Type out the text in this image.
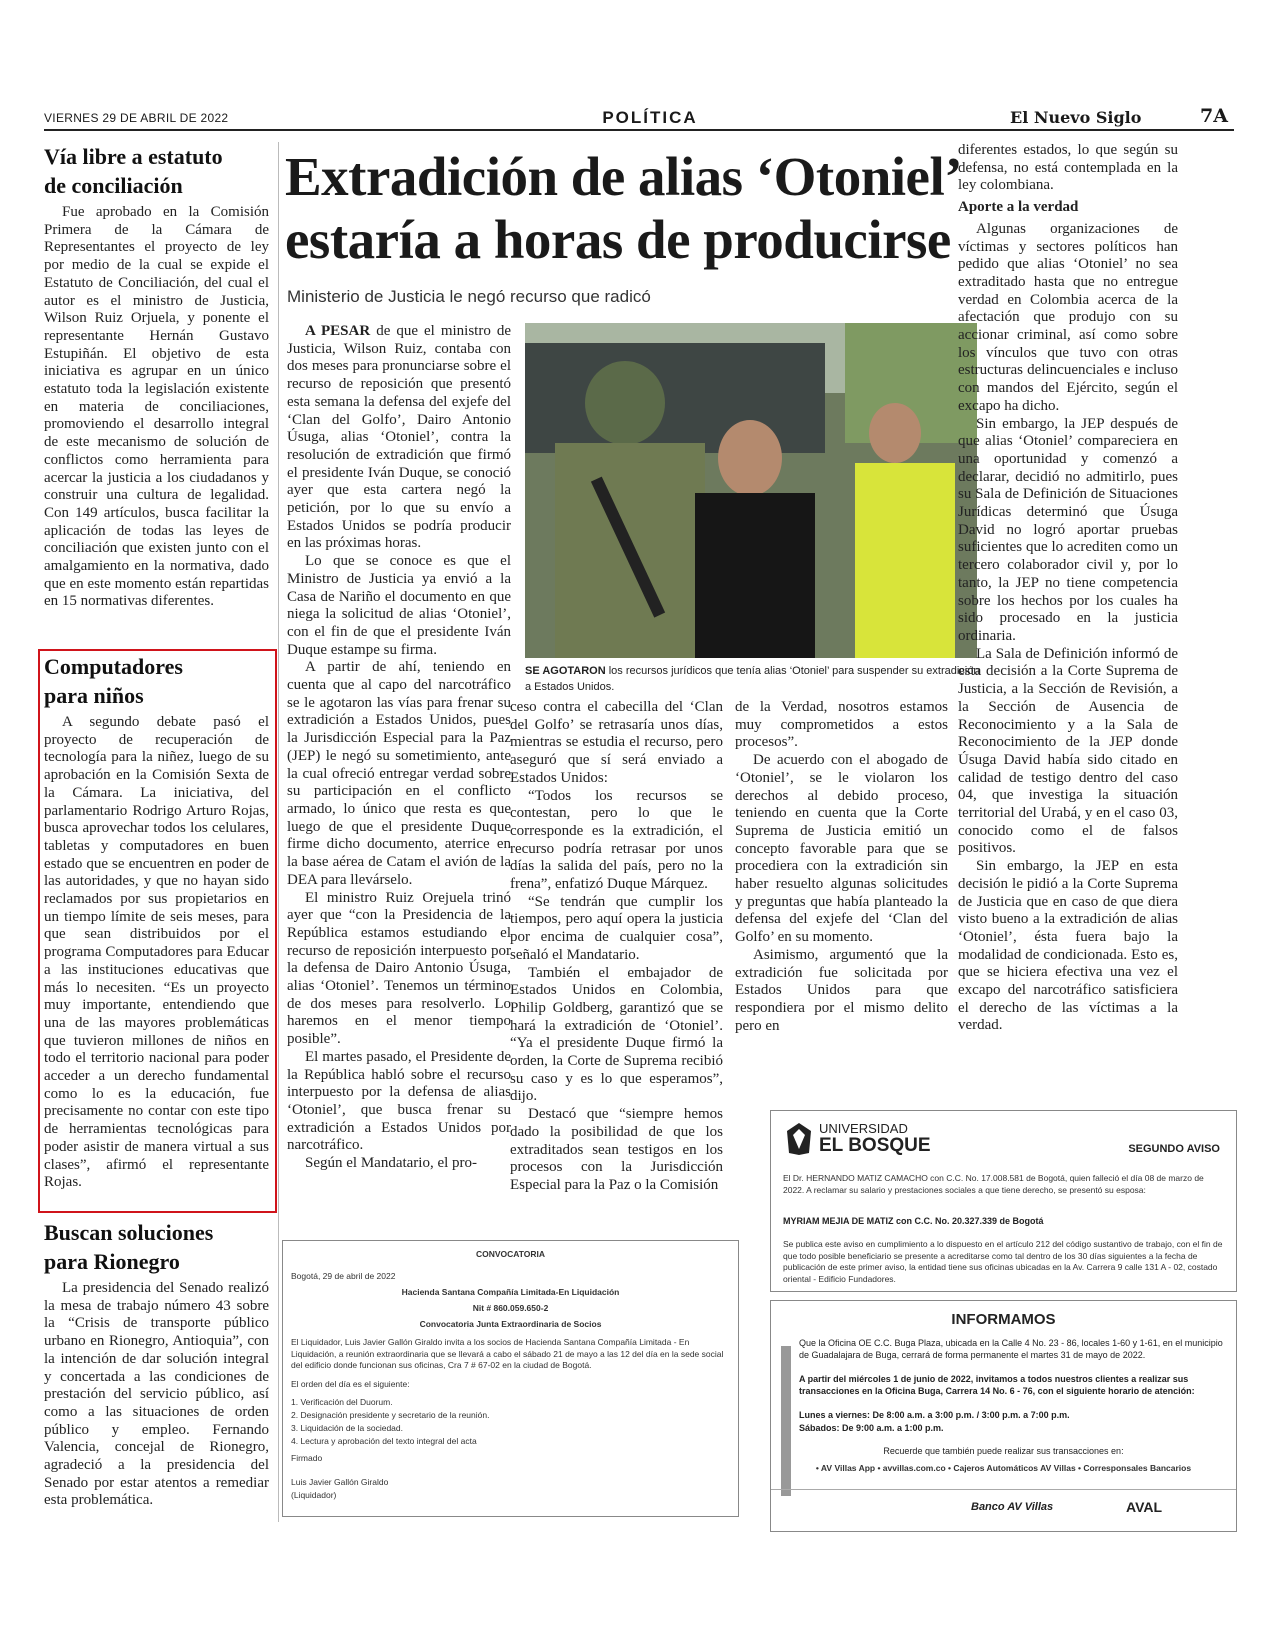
VIERNES 29 DE ABRIL DE 2022	POLÍTICA	El Nuevo Siglo	7A
Vía libre a estatuto
de conciliación

Fue aprobado en la Comisión Primera de la Cámara de Representantes el proyecto de ley por medio de la cual se expide el Estatuto de Conciliación, del cual el autor es el ministro de Justicia, Wilson Ruiz Orjuela, y ponente el representante Hernán Gustavo Estupiñán. El objetivo de esta iniciativa es agrupar en un único estatuto toda la legislación existente en materia de conciliaciones, promoviendo el desarrollo integral de este mecanismo de solución de conflictos como herramienta para acercar la justicia a los ciudadanos y construir una cultura de legalidad. Con 149 artículos, busca facilitar la aplicación de todas las leyes de conciliación que existen junto con el amalgamiento en la normativa, dado que en este momento están repartidas en 15 normativas diferentes.

Computadores
para niños

A segundo debate pasó el proyecto de recuperación de tecnología para la niñez, luego de su aprobación en la Comisión Sexta de la Cámara. La iniciativa, del parlamentario Rodrigo Arturo Rojas, busca aprovechar todos los celulares, tabletas y computadores en buen estado que se encuentren en poder de las autoridades, y que no hayan sido reclamados por sus propietarios en un tiempo límite de seis meses, para que sean distribuidos por el programa Computadores para Educar a las instituciones educativas que más lo necesiten. “Es un proyecto muy importante, entendiendo que una de las mayores problemáticas que tuvieron millones de niños en todo el territorio nacional para poder acceder a un derecho fundamental como lo es la educación, fue precisamente no contar con este tipo de herramientas tecnológicas para poder asistir de manera virtual a sus clases”, afirmó el representante Rojas.

Buscan soluciones
para Rionegro

La presidencia del Senado realizó la mesa de trabajo número 43 sobre la “Crisis de transporte público urbano en Rionegro, Antioquia”, con la intención de dar solución integral y concertada a las condiciones de prestación del servicio público, así como a las situaciones de orden público y empleo. Fernando Valencia, concejal de Rionegro, agradeció a la presidencia del Senado por estar atentos a remediar esta problemática.

Extradición de alias ‘Otoniel’
estaría a horas de producirse
Ministerio de Justicia le negó recurso que radicó

A PESAR de que el ministro de Justicia, Wilson Ruiz, contaba con dos meses para pronunciarse sobre el recurso de reposición que presentó esta semana la defensa del exjefe del ‘Clan del Golfo’, Dairo Antonio Úsuga, alias ‘Otoniel’, contra la resolución de extradición que firmó el presidente Iván Duque, se conoció ayer que esta cartera negó la petición, por lo que su envío a Estados Unidos se podría producir en las próximas horas.

Lo que se conoce es que el Ministro de Justicia ya envió a la Casa de Nariño el documento en que niega la solicitud de alias ‘Otoniel’, con el fin de que el presidente Iván Duque estampe su firma.

A partir de ahí, teniendo en cuenta que al capo del narcotráfico se le agotaron las vías para frenar su extradición a Estados Unidos, pues la Jurisdicción Especial para la Paz (JEP) le negó su sometimiento, ante la cual ofreció entregar verdad sobre su participación en el conflicto armado, lo único que resta es que luego de que el presidente Duque firme dicho documento, aterrice en la base aérea de Catam el avión de la DEA para llevárselo.

El ministro Ruiz Orejuela trinó ayer que “con la Presidencia de la República estamos estudiando el recurso de reposición interpuesto por la defensa de Dairo Antonio Úsuga, alias ‘Otoniel’. Tenemos un término de dos meses para resolverlo. Lo haremos en el menor tiempo posible”.

El martes pasado, el Presidente de la República habló sobre el recurso interpuesto por la defensa de alias ‘Otoniel’, que busca frenar su extradición a Estados Unidos por narcotráfico.

Según el Mandatario, el pro-

SE AGOTARON los recursos jurídicos que tenía alias ‘Otoniel’ para suspender su extradición a Estados Unidos.

ceso contra el cabecilla del ‘Clan del Golfo’ se retrasaría unos días, mientras se estudia el recurso, pero aseguró que sí será enviado a Estados Unidos:

“Todos los recursos se contestan, pero lo que le corresponde es la extradición, el recurso podría retrasar por unos días la salida del país, pero no la frena”, enfatizó Duque Márquez.

“Se tendrán que cumplir los tiempos, pero aquí opera la justicia por encima de cualquier cosa”, señaló el Mandatario.

También el embajador de Estados Unidos en Colombia, Philip Goldberg, garantizó que se hará la extradición de ‘Otoniel’. “Ya el presidente Duque firmó la orden, la Corte de Suprema recibió su caso y es lo que esperamos”, dijo.

Destacó que “siempre hemos dado la posibilidad de que los extraditados sean testigos en los procesos con la Jurisdicción Especial para la Paz o la Comisión

de la Verdad, nosotros estamos muy comprometidos a estos procesos”.

De acuerdo con el abogado de ‘Otoniel’, se le violaron los derechos al debido proceso, teniendo en cuenta que la Corte Suprema de Justicia emitió un concepto favorable para que se procediera con la extradición sin haber resuelto algunas solicitudes y preguntas que había planteado la defensa del exjefe del ‘Clan del Golfo’ en su momento.

Asimismo, argumentó que la extradición fue solicitada por Estados Unidos para que respondiera por el mismo delito pero en

diferentes estados, lo que según su defensa, no está contemplada en la ley colombiana.

Aporte a la verdad

Algunas organizaciones de víctimas y sectores políticos han pedido que alias ‘Otoniel’ no sea extraditado hasta que no entregue verdad en Colombia acerca de la afectación que produjo con su accionar criminal, así como sobre los vínculos que tuvo con otras estructuras delincuenciales e incluso con mandos del Ejército, según el excapo ha dicho.

Sin embargo, la JEP después de que alias ‘Otoniel’ compareciera en una oportunidad y comenzó a declarar, decidió no admitirlo, pues su Sala de Definición de Situaciones Jurídicas determinó que Úsuga David no logró aportar pruebas suficientes que lo acrediten como un tercero colaborador civil y, por lo tanto, la JEP no tiene competencia sobre los hechos por los cuales ha sido procesado en la justicia ordinaria.

La Sala de Definición informó de esta decisión a la Corte Suprema de Justicia, a la Sección de Revisión, a la Sección de Ausencia de Reconocimiento y a la Sala de Reconocimiento de la JEP donde Úsuga David había sido citado en calidad de testigo dentro del caso 04, que investiga la situación territorial del Urabá, y en el caso 03, conocido como el de falsos positivos.

Sin embargo, la JEP en esta decisión le pidió a la Corte Suprema de Justicia que en caso de que diera visto bueno a la extradición de alias ‘Otoniel’, ésta fuera bajo la modalidad de condicionada. Esto es, que se hiciera efectiva una vez el excapo del narcotráfico satisficiera el derecho de las víctimas a la verdad.

UNIVERSIDAD
EL BOSQUE	SEGUNDO AVISO
El Dr. HERNANDO MATIZ CAMACHO con C.C. No. 17.008.581 de Bogotá, quien falleció el día 08 de marzo de 2022. A reclamar su salario y prestaciones sociales a que tiene derecho, se presentó su esposa:
MYRIAM MEJIA DE MATIZ con C.C. No. 20.327.339 de Bogotá
Se publica este aviso en cumplimiento a lo dispuesto en el artículo 212 del código sustantivo de trabajo, con el fin de que todo posible beneficiario se presente a acreditarse como tal dentro de los 30 días siguientes a la fecha de publicación de este primer aviso, la entidad tiene sus oficinas ubicadas en la Av. Carrera 9 calle 131 A - 02, costado oriental - Edificio Fundadores.
INFORMAMOS
Que la Oficina OE C.C. Buga Plaza, ubicada en la Calle 4 No. 23 - 86, locales 1-60 y 1-61, en el municipio de Guadalajara de Buga, cerrará de forma permanente el martes 31 de mayo de 2022.
A partir del miércoles 1 de junio de 2022, invitamos a todos nuestros clientes a realizar sus transacciones en la Oficina Buga, Carrera 14 No. 6 - 76, con el siguiente horario de atención:
Lunes a viernes: De 8:00 a.m. a 3:00 p.m. / 3:00 p.m. a 7:00 p.m.
Sábados: De 9:00 a.m. a 1:00 p.m.
Recuerde que también puede realizar sus transacciones en:
• AV Villas App • avvillas.com.co • Cajeros Automáticos AV Villas • Corresponsales Bancarios
Banco AV Villas	AVAL
CONVOCATORIA
Bogotá, 29 de abril de 2022
Hacienda Santana Compañía Limitada-En Liquidación
Nit # 860.059.650-2
Convocatoria Junta Extraordinaria de Socios
El Liquidador, Luis Javier Gallón Giraldo invita a los socios de Hacienda Santana Compañía Limitada - En Liquidación, a reunión extraordinaria que se llevará a cabo el sábado 21 de mayo a las 12 del día en la sede social del edificio donde funcionan sus oficinas, Cra 7 # 67-02 en la ciudad de Bogotá.
El orden del día es el siguiente:
1. Verificación del Duorum.
2. Designación presidente y secretario de la reunión.
3. Liquidación de la sociedad.
4. Lectura y aprobación del texto integral del acta
Firmado
Luis Javier Gallón Giraldo
(Liquidador)
